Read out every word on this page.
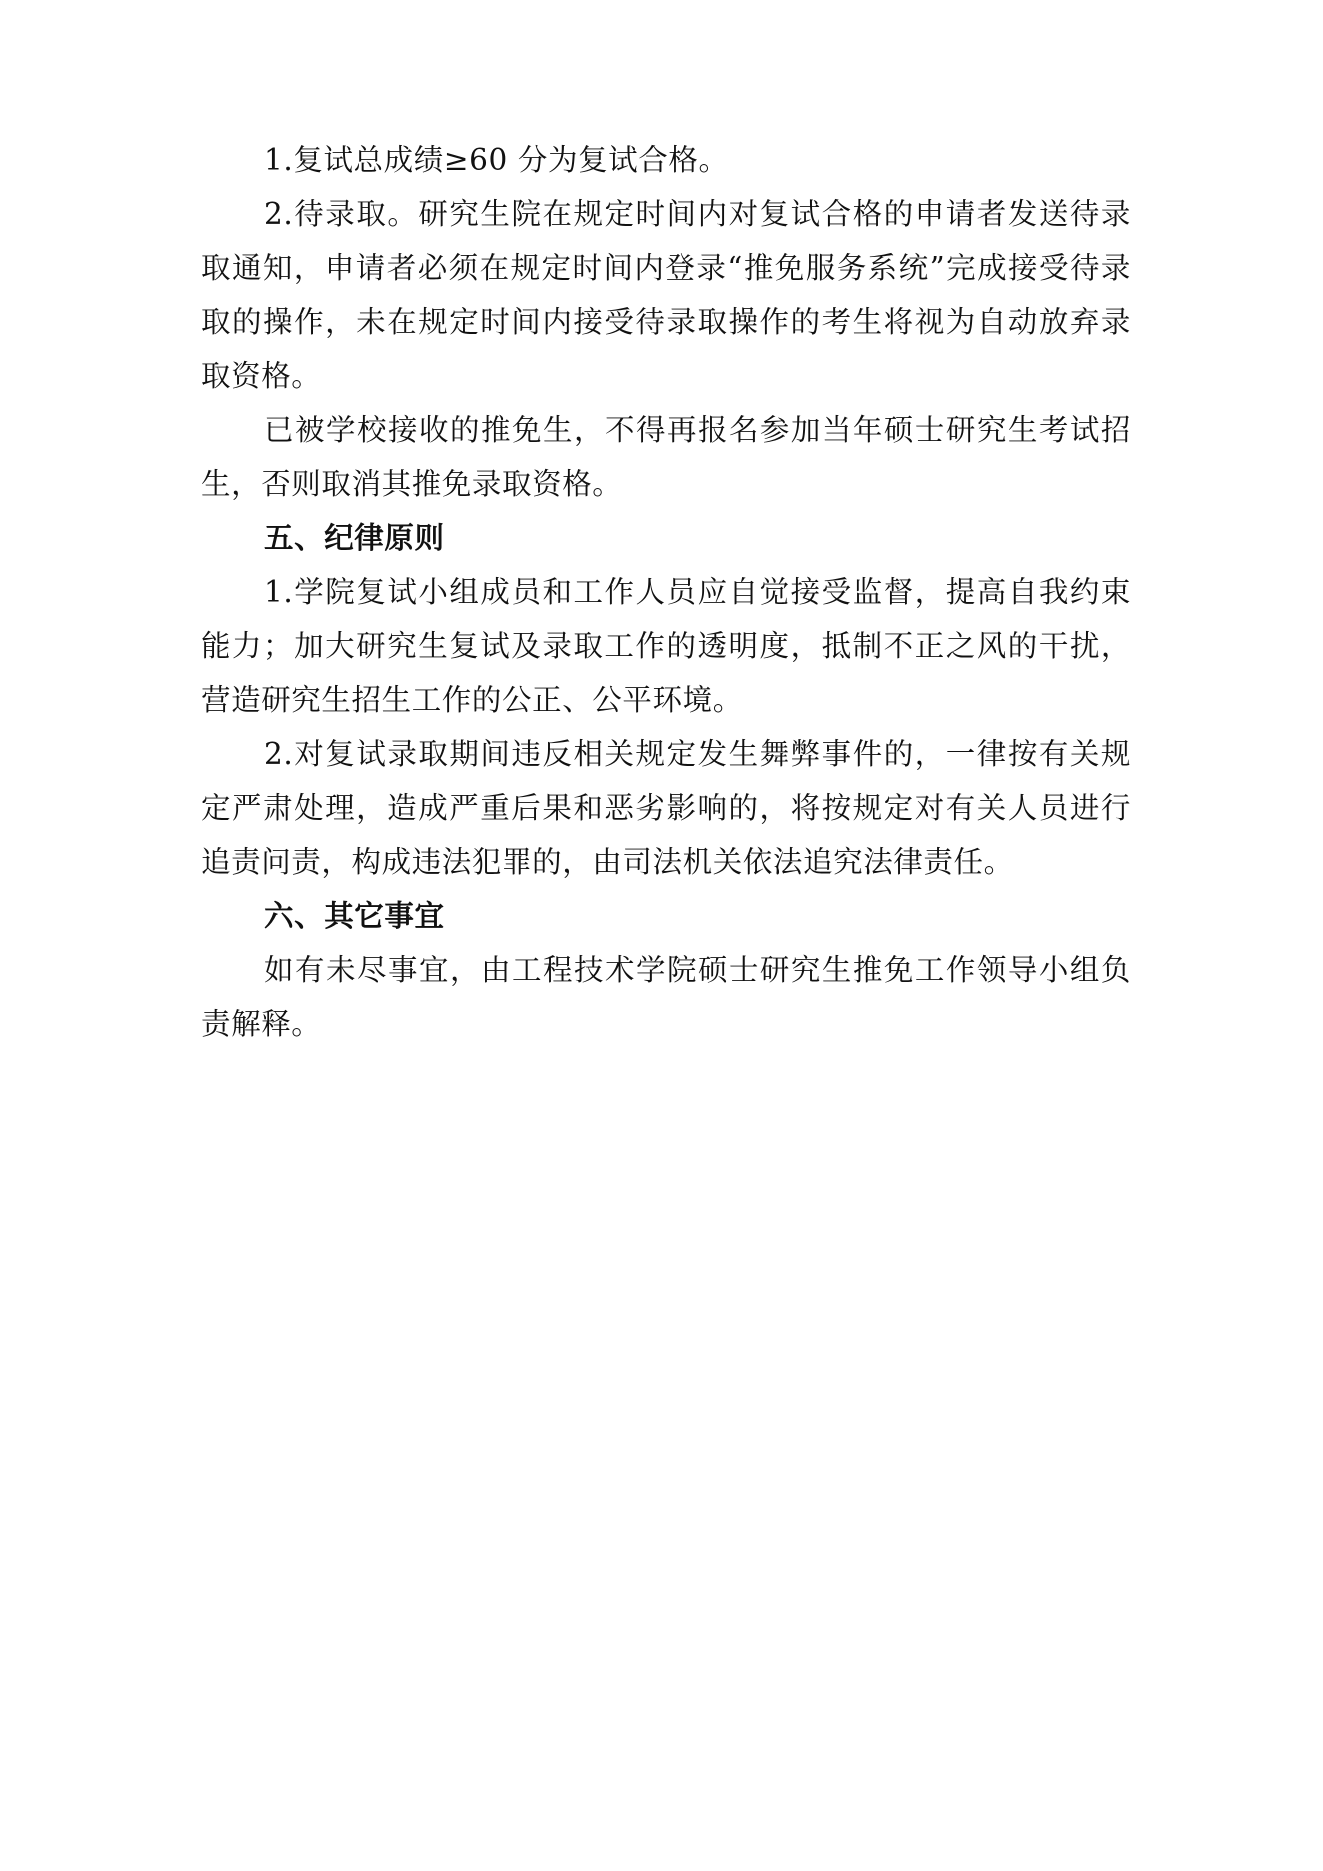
1.复试总成绩≥60 分为复试合格。

2.待录取。研究生院在规定时间内对复试合格的申请者发送待录取通知，申请者必须在规定时间内登录“推免服务系统”完成接受待录取的操作，未在规定时间内接受待录取操作的考生将视为自动放弃录取资格。

已被学校接收的推免生，不得再报名参加当年硕士研究生考试招生，否则取消其推免录取资格。

五、纪律原则

1.学院复试小组成员和工作人员应自觉接受监督，提高自我约束能力；加大研究生复试及录取工作的透明度，抵制不正之风的干扰，营造研究生招生工作的公正、公平环境。

2.对复试录取期间违反相关规定发生舞弊事件的，一律按有关规定严肃处理，造成严重后果和恶劣影响的，将按规定对有关人员进行追责问责，构成违法犯罪的，由司法机关依法追究法律责任。

六、其它事宜

如有未尽事宜，由工程技术学院硕士研究生推免工作领导小组负责解释。
